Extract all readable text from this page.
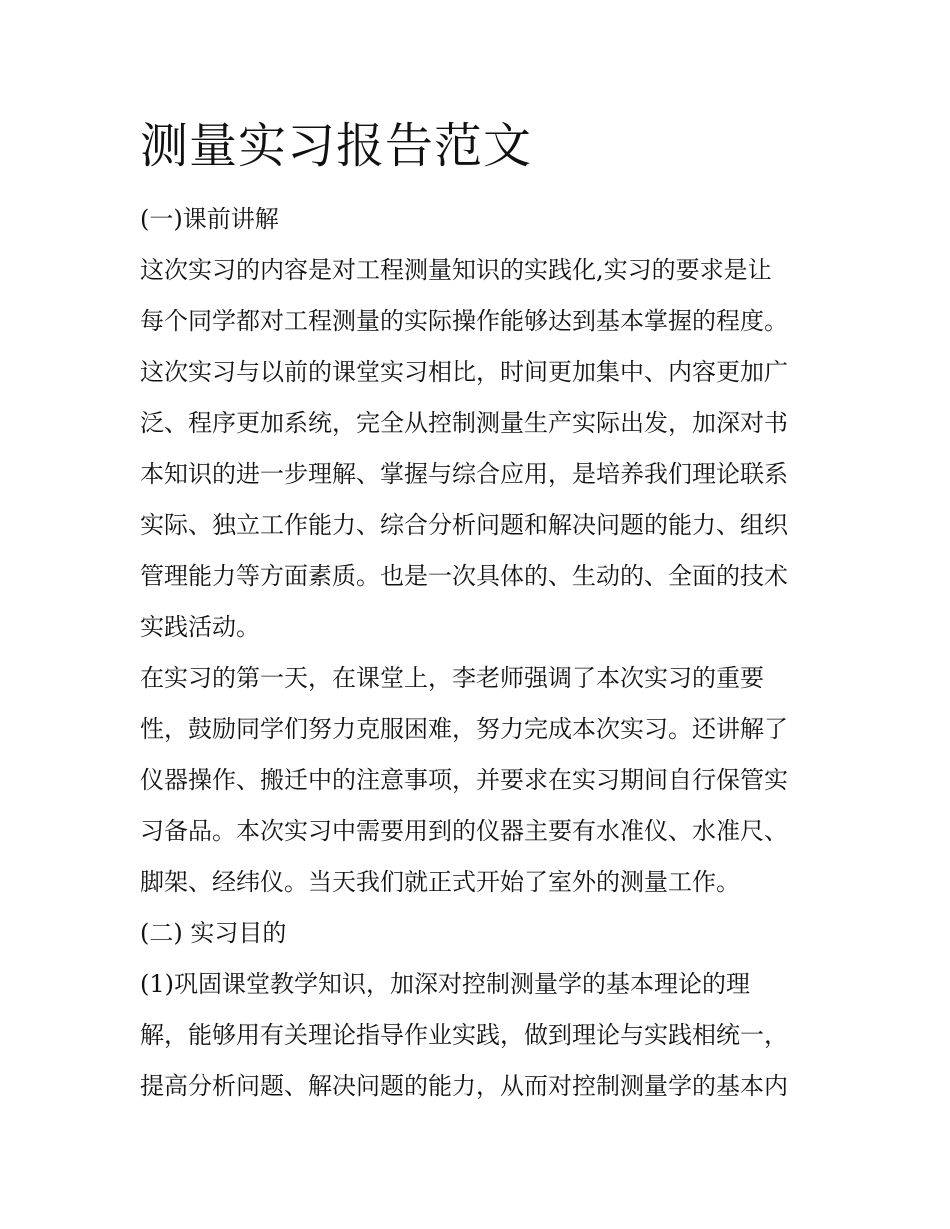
测量实习报告范文
(一)课前讲解
这次实习的内容是对工程测量知识的实践化,实习的要求是让
每个同学都对工程测量的实际操作能够达到基本掌握的程度。
这次实习与以前的课堂实习相比，时间更加集中、内容更加广
泛、程序更加系统，完全从控制测量生产实际出发，加深对书
本知识的进一步理解、掌握与综合应用，是培养我们理论联系
实际、独立工作能力、综合分析问题和解决问题的能力、组织
管理能力等方面素质。也是一次具体的、生动的、全面的技术
实践活动。
在实习的第一天，在课堂上，李老师强调了本次实习的重要
性，鼓励同学们努力克服困难，努力完成本次实习。还讲解了
仪器操作、搬迁中的注意事项，并要求在实习期间自行保管实
习备品。本次实习中需要用到的仪器主要有水准仪、水准尺、
脚架、经纬仪。当天我们就正式开始了室外的测量工作。
(二) 实习目的
(1)巩固课堂教学知识，加深对控制测量学的基本理论的理
解，能够用有关理论指导作业实践，做到理论与实践相统一，
提高分析问题、解决问题的能力，从而对控制测量学的基本内
